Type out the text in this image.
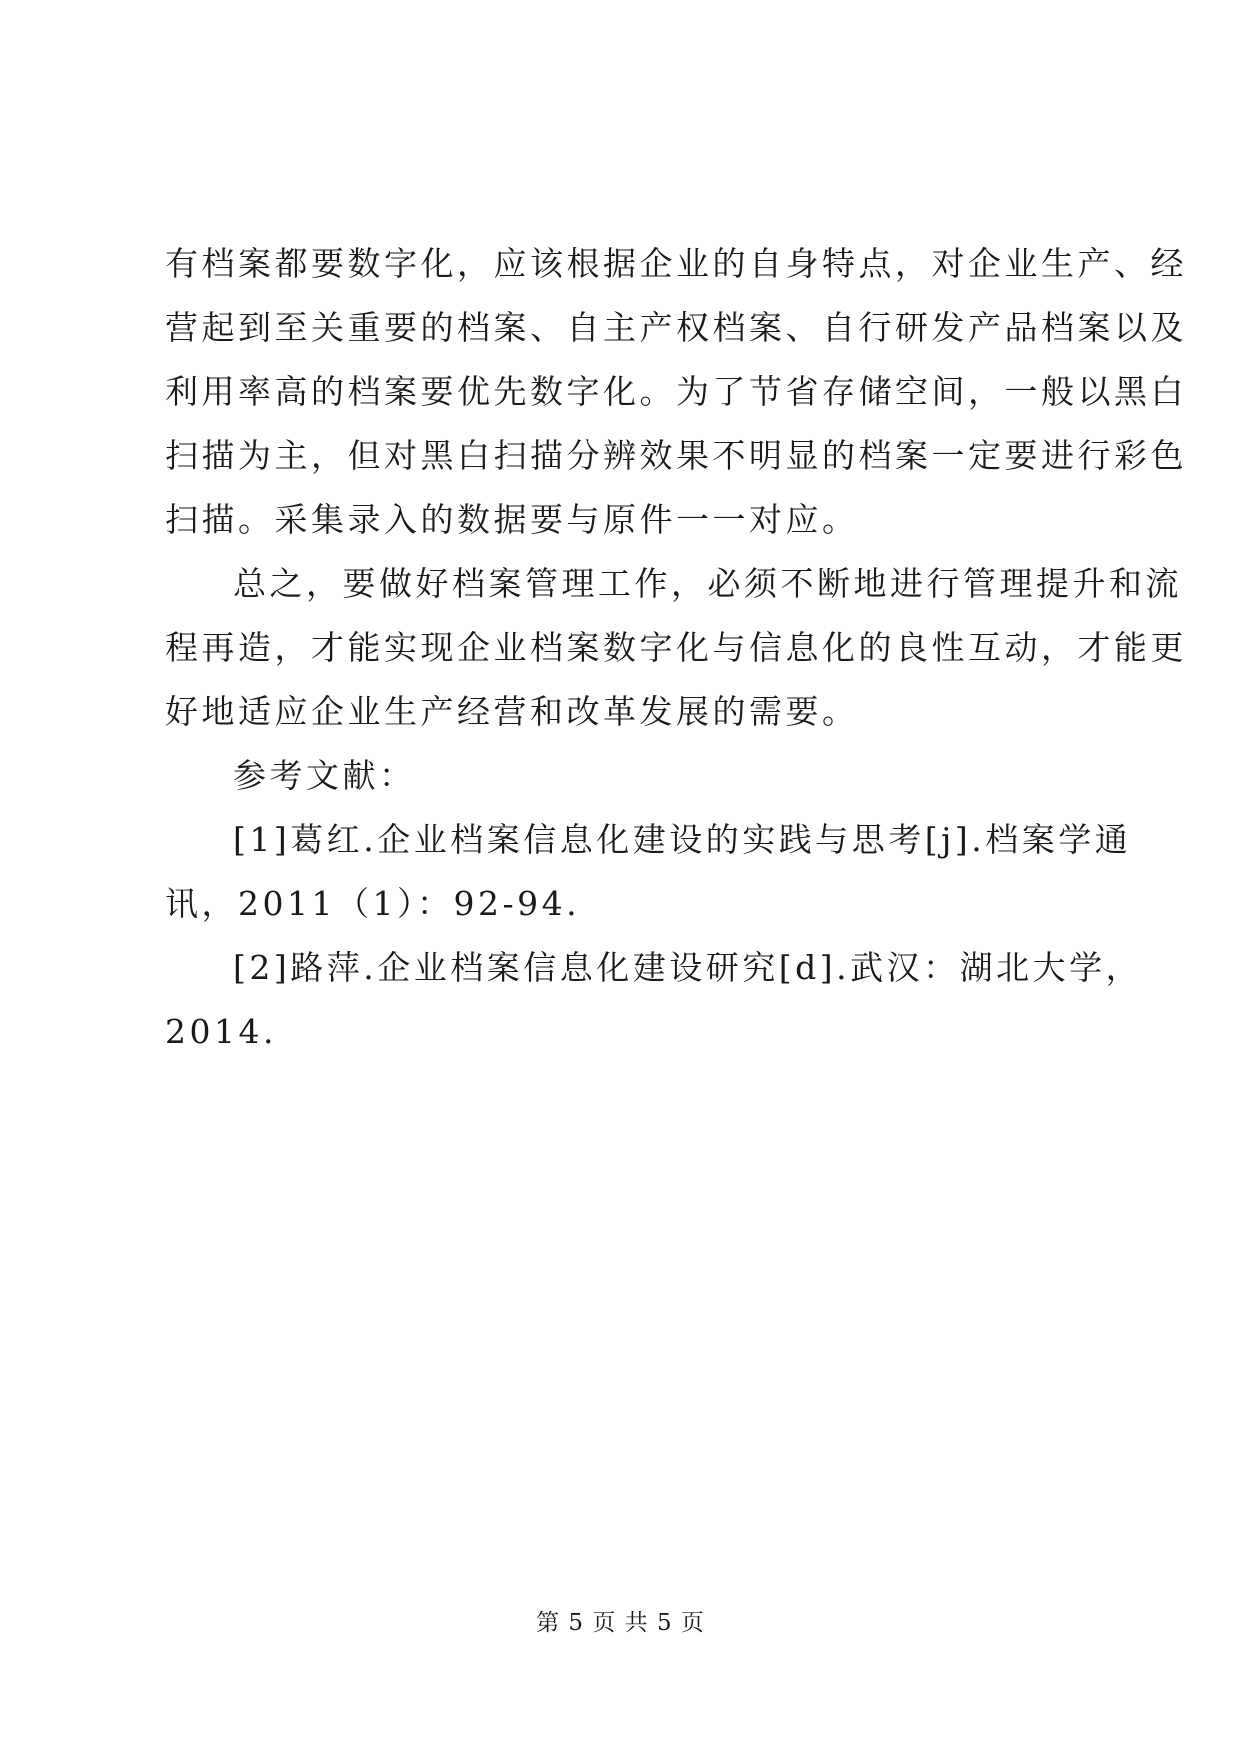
有档案都要数字化，应该根据企业的自身特点，对企业生产、经
营起到至关重要的档案、自主产权档案、自行研发产品档案以及
利用率高的档案要优先数字化。为了节省存储空间，一般以黑白
扫描为主，但对黑白扫描分辨效果不明显的档案一定要进行彩色
扫描。采集录入的数据要与原件一一对应。
总之，要做好档案管理工作，必须不断地进行管理提升和流
程再造，才能实现企业档案数字化与信息化的良性互动，才能更
好地适应企业生产经营和改革发展的需要。
参考文献：
[1]葛红.企业档案信息化建设的实践与思考[j].档案学通
讯，2011（1）：92-94.
[2]路萍.企业档案信息化建设研究[d].武汉：湖北大学，
2014.
第 5 页 共 5 页
